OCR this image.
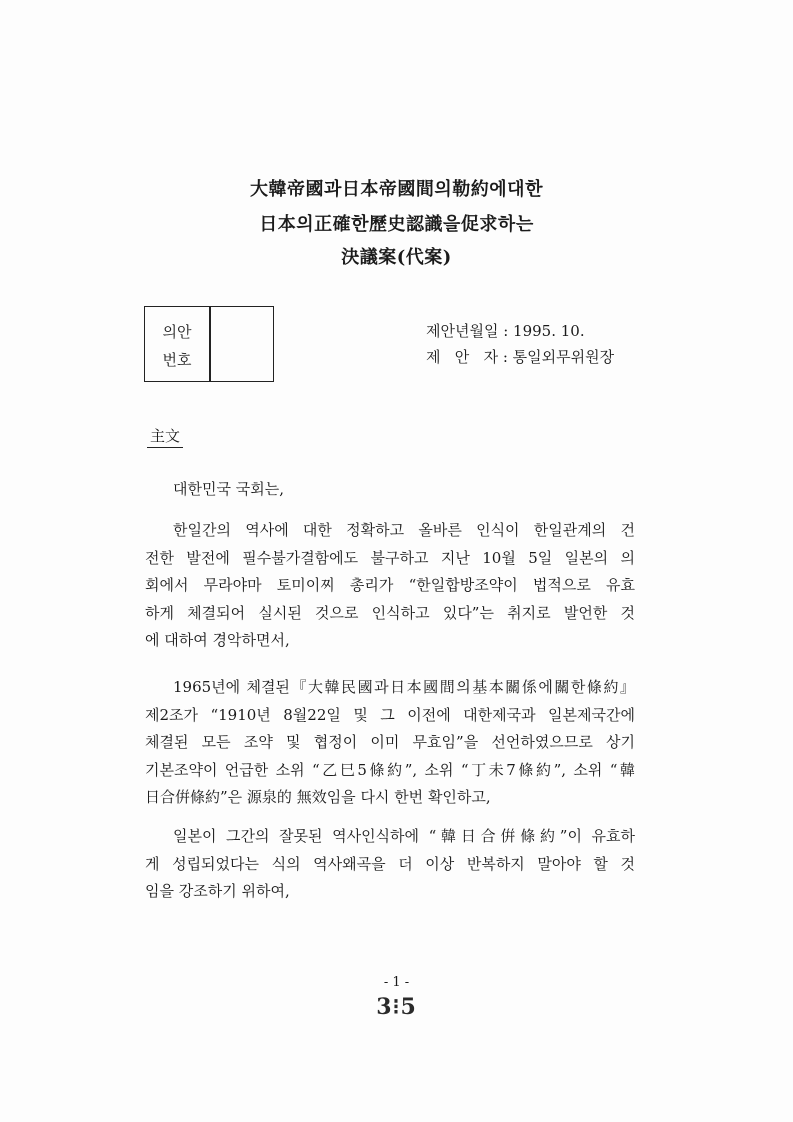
大韓帝國과日本帝國間의勒約에대한
日本의正確한歷史認識을促求하는
決議案(代案)
의안
번호
제안년월일 : 1995. 10.
제   안   자 : 통일외무위원장
主文
대한민국 국회는,
한일간의 역사에 대한 정확하고 올바른 인식이 한일관계의 건
전한 발전에 필수불가결함에도 불구하고 지난 10월 5일 일본의 의
회에서 무라야마 토미이찌 총리가 “한일합방조약이 법적으로 유효
하게 체결되어 실시된 것으로 인식하고 있다”는 취지로 발언한 것
에 대하여 경악하면서,
1965년에 체결된『大韓民國과日本國間의基本關係에關한條約』
제2조가 “1910년 8월22일 및 그 이전에 대한제국과 일본제국간에
체결된 모든 조약 및 협정이 이미 무효임”을 선언하였으므로 상기
기본조약이 언급한 소위 “乙巳5條約”, 소위 “丁未7條約”, 소위 “韓
日合倂條約”은 源泉的 無效임을 다시 한번 확인하고,
일본이 그간의 잘못된 역사인식하에 “韓日合倂條約”이 유효하
게 성립되었다는 식의 역사왜곡을 더 이상 반복하지 말아야 할 것
임을 강조하기 위하여,
- 1 -
3⁝5
